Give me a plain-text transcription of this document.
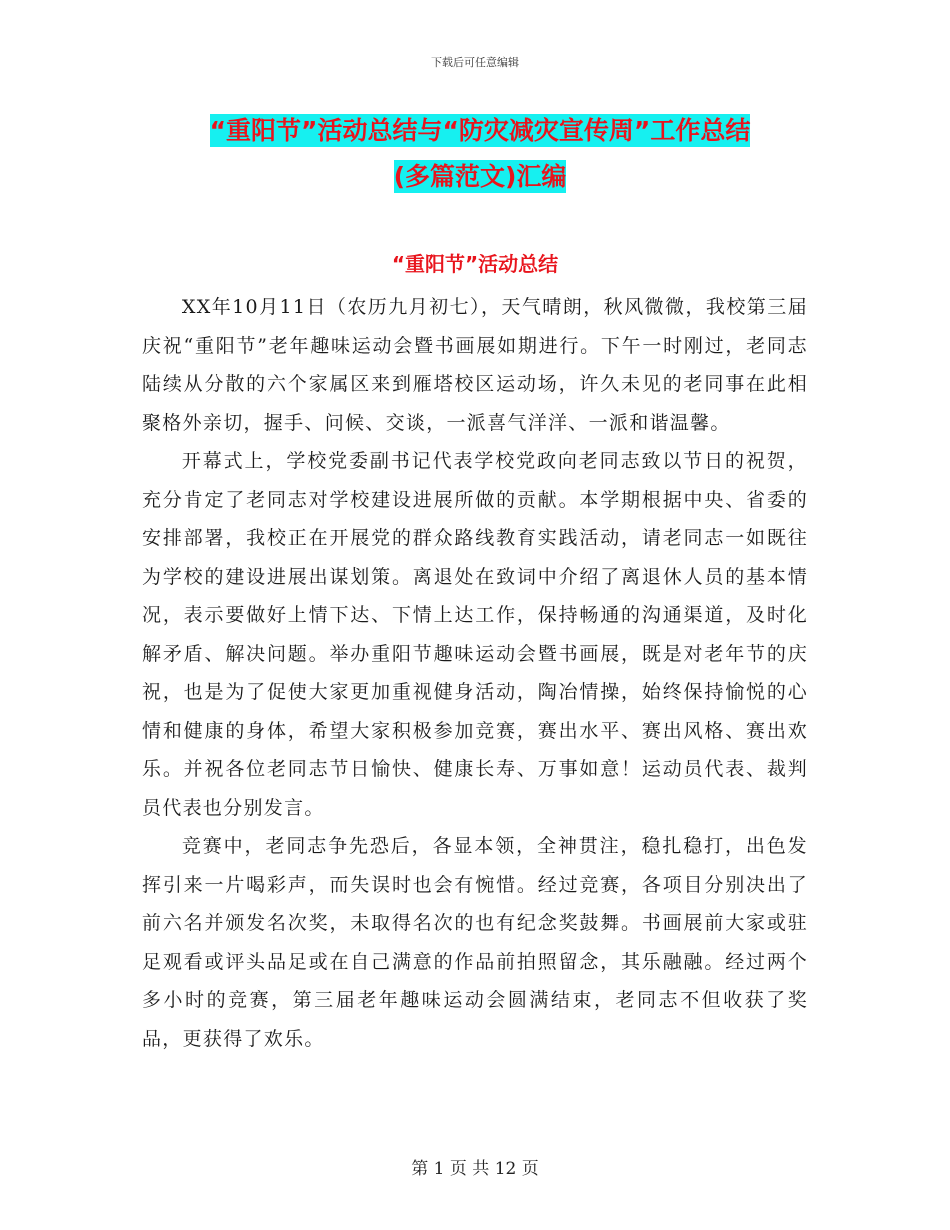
下载后可任意编辑
“重阳节”活动总结与“防灾减灾宣传周”工作总结
(多篇范文)汇编
“重阳节”活动总结

XX年10月11日（农历九月初七），天气晴朗，秋风微微，我校第三届庆祝“重阳节”老年趣味运动会暨书画展如期进行。下午一时刚过，老同志陆续从分散的六个家属区来到雁塔校区运动场，许久未见的老同事在此相聚格外亲切，握手、问候、交谈，一派喜气洋洋、一派和谐温馨。

开幕式上，学校党委副书记代表学校党政向老同志致以节日的祝贺，充分肯定了老同志对学校建设进展所做的贡献。本学期根据中央、省委的安排部署，我校正在开展党的群众路线教育实践活动，请老同志一如既往为学校的建设进展出谋划策。离退处在致词中介绍了离退休人员的基本情况，表示要做好上情下达、下情上达工作，保持畅通的沟通渠道，及时化解矛盾、解决问题。举办重阳节趣味运动会暨书画展，既是对老年节的庆祝，也是为了促使大家更加重视健身活动，陶冶情操，始终保持愉悦的心情和健康的身体，希望大家积极参加竞赛，赛出水平、赛出风格、赛出欢乐。并祝各位老同志节日愉快、健康长寿、万事如意！运动员代表、裁判员代表也分别发言。

竞赛中，老同志争先恐后，各显本领，全神贯注，稳扎稳打，出色发挥引来一片喝彩声，而失误时也会有惋惜。经过竞赛，各项目分别决出了前六名并颁发名次奖，未取得名次的也有纪念奖鼓舞。书画展前大家或驻足观看或评头品足或在自己满意的作品前拍照留念，其乐融融。经过两个多小时的竞赛，第三届老年趣味运动会圆满结束，老同志不但收获了奖品，更获得了欢乐。

第 1 页 共 12 页
